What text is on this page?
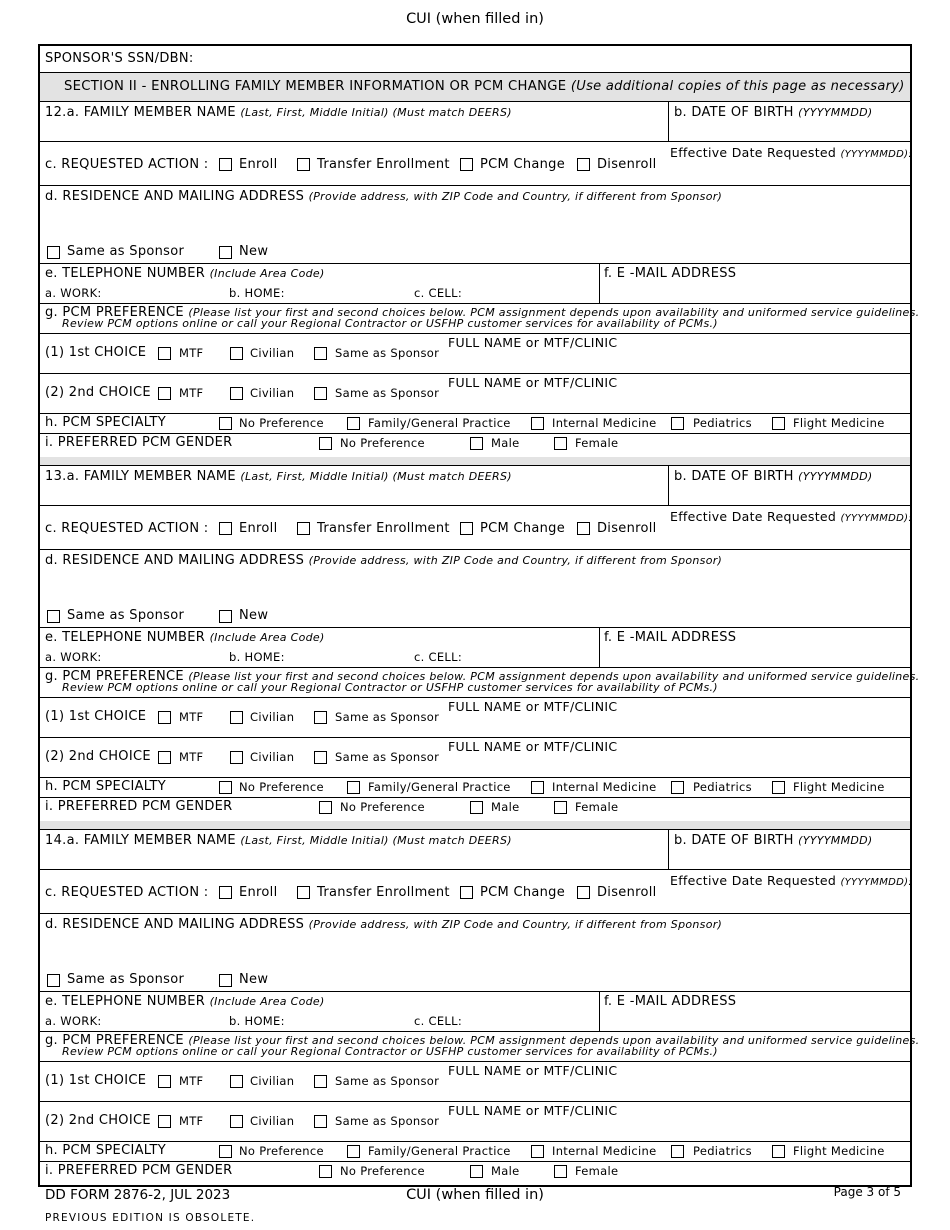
CUI (when filled in)
SPONSOR'S SSN/DBN:
SECTION II - ENROLLING FAMILY MEMBER INFORMATION OR PCM CHANGE (Use additional copies of this page as necessary)
12.a. FAMILY MEMBER NAME (Last, First, Middle Initial) (Must match DEERS)	b. DATE OF BIRTH (YYYYMMDD)
c. REQUESTED ACTION : Enroll	Transfer Enrollment PCM Change Disenroll
Effective Date Requested (YYYYMMDD):
d. RESIDENCE AND MAILING ADDRESS (Provide address, with ZIP Code and Country, if different from Sponsor)
Same as Sponsor	New
e. TELEPHONE NUMBER (Include Area Code)
a. WORK:	b. HOME:	c. CELL:
f. E -MAIL ADDRESS
g. PCM PREFERENCE (Please list your first and second choices below. PCM assignment depends upon availability and uniformed service guidelines.
Review PCM options online or call your Regional Contractor or USFHP customer services for availability of PCMs.)
(1) 1st CHOICE	MTF	Civilian	Same as Sponsor
FULL NAME or MTF/CLINIC
(2) 2nd CHOICE MTF	Civilian	Same as Sponsor
FULL NAME or MTF/CLINIC
h. PCM SPECIALTY	No Preference	Family/General Practice	Internal Medicine	Pediatrics	Flight Medicine
i. PREFERRED PCM GENDER	No Preference	Male	Female
13.a. FAMILY MEMBER NAME (Last, First, Middle Initial) (Must match DEERS)	b. DATE OF BIRTH (YYYYMMDD)
c. REQUESTED ACTION : Enroll	Transfer Enrollment PCM Change Disenroll
Effective Date Requested (YYYYMMDD):
d. RESIDENCE AND MAILING ADDRESS (Provide address, with ZIP Code and Country, if different from Sponsor)
Same as Sponsor	New
e. TELEPHONE NUMBER (Include Area Code)
a. WORK:	b. HOME:	c. CELL:
f. E -MAIL ADDRESS
g. PCM PREFERENCE (Please list your first and second choices below. PCM assignment depends upon availability and uniformed service guidelines.
Review PCM options online or call your Regional Contractor or USFHP customer services for availability of PCMs.)
(1) 1st CHOICE	MTF	Civilian	Same as Sponsor
FULL NAME or MTF/CLINIC
(2) 2nd CHOICE MTF	Civilian	Same as Sponsor
FULL NAME or MTF/CLINIC
h. PCM SPECIALTY	No Preference	Family/General Practice	Internal Medicine	Pediatrics	Flight Medicine
i. PREFERRED PCM GENDER	No Preference	Male	Female
14.a. FAMILY MEMBER NAME (Last, First, Middle Initial) (Must match DEERS)	b. DATE OF BIRTH (YYYYMMDD)
c. REQUESTED ACTION : Enroll	Transfer Enrollment PCM Change Disenroll
Effective Date Requested (YYYYMMDD):
d. RESIDENCE AND MAILING ADDRESS (Provide address, with ZIP Code and Country, if different from Sponsor)
Same as Sponsor	New
e. TELEPHONE NUMBER (Include Area Code)
a. WORK:	b. HOME:	c. CELL:
f. E -MAIL ADDRESS
g. PCM PREFERENCE (Please list your first and second choices below. PCM assignment depends upon availability and uniformed service guidelines.
Review PCM options online or call your Regional Contractor or USFHP customer services for availability of PCMs.)
(1) 1st CHOICE	MTF	Civilian	Same as Sponsor
FULL NAME or MTF/CLINIC
(2) 2nd CHOICE MTF	Civilian	Same as Sponsor
FULL NAME or MTF/CLINIC
h. PCM SPECIALTY	No Preference	Family/General Practice	Internal Medicine	Pediatrics	Flight Medicine
i. PREFERRED PCM GENDER	No Preference	Male	Female
DD FORM 2876-2, JUL 2023	CUI (when filled in)	Page 3 of 5
PREVIOUS EDITION IS OBSOLETE.
